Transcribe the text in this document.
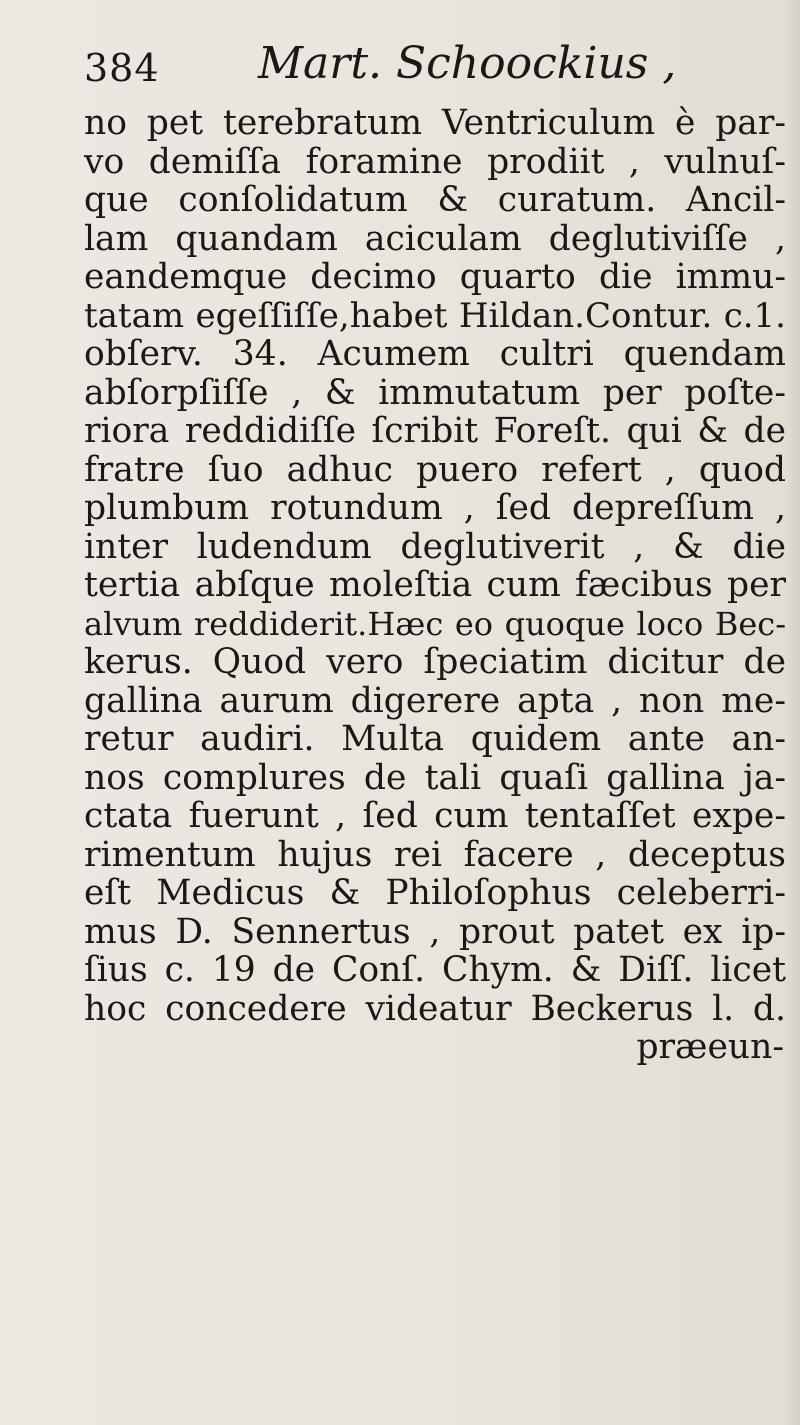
384 Mart. Schoockius ,
no pet terebratum Ventriculum è par-
vo demiſſa foramine prodiit , vulnuſ-
que conſolidatum & curatum. Ancil-
lam quandam aciculam deglutiviſſe ,
eandemque decimo quarto die immu-
tatam egeſſiſſe,habet Hildan.Contur. c.1.
obſerv. 34. Acumem cultri quendam
abſorpſiſſe , & immutatum per poſte-
riora reddidiſſe ſcribit Foreſt. qui & de
fratre ſuo adhuc puero refert , quod
plumbum rotundum , ſed depreſſum ,
inter ludendum deglutiverit , & die
tertia abſque moleſtia cum fæcibus per
alvum reddiderit.Hæc eo quoque loco Bec-
kerus. Quod vero ſpeciatim dicitur de
gallina aurum digerere apta , non me-
retur audiri. Multa quidem ante an-
nos complures de tali quaſi gallina ja-
ctata fuerunt , ſed cum tentaſſet expe-
rimentum hujus rei facere , deceptus
eſt Medicus & Philoſophus celeberri-
mus D. Sennertus , prout patet ex ip-
ſius c. 19 de Conſ. Chym. & Diſſ. licet
hoc concedere videatur Beckerus l. d.
præeun-
